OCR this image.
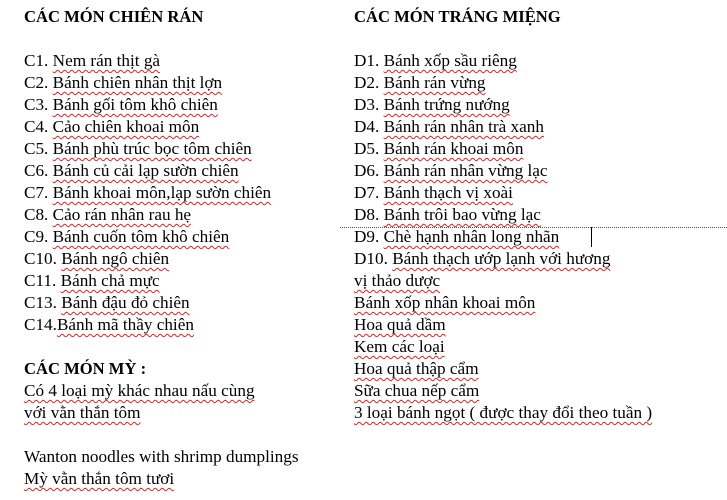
CÁC MÓN CHIÊN RÁN
C1. Nem rán thịt gà
C2. Bánh chiên nhân thịt lợn
C3. Bánh gối tôm khô chiên
C4. Cảo chiên khoai môn
C5. Bánh phù trúc bọc tôm chiên
C6. Bánh củ cải lạp sườn chiên
C7. Bánh khoai môn,lạp sườn chiên
C8. Cảo rán nhân rau hẹ
C9. Bánh cuốn tôm khô chiên
C10. Bánh ngô chiên
C11. Bánh chả mực
C13. Bánh đậu đỏ chiên
C14.Bánh mã thầy chiên
CÁC MÓN MỲ :
Có 4 loại mỳ khác nhau nấu cùng
với vằn thắn tôm
Wanton noodles with shrimp dumplings
Mỳ vằn thắn tôm tươi
CÁC MÓN TRÁNG MIỆNG
D1. Bánh xốp sầu riêng
D2. Bánh rán vừng
D3. Bánh trứng nướng
D4. Bánh rán nhân trà xanh
D5. Bánh rán khoai môn
D6. Bánh rán nhân vừng lạc
D7. Bánh thạch vị xoài
D8. Bánh trôi bao vừng lạc
D9. Chè hạnh nhân long nhãn
D10. Bánh thạch ướp lạnh với hương
vị thảo dược
Bánh xốp nhân khoai môn
Hoa quả dầm
Kem các loại
Hoa quả thập cẩm
Sữa chua nếp cẩm
3 loại bánh ngọt ( được thay đổi theo tuần )
